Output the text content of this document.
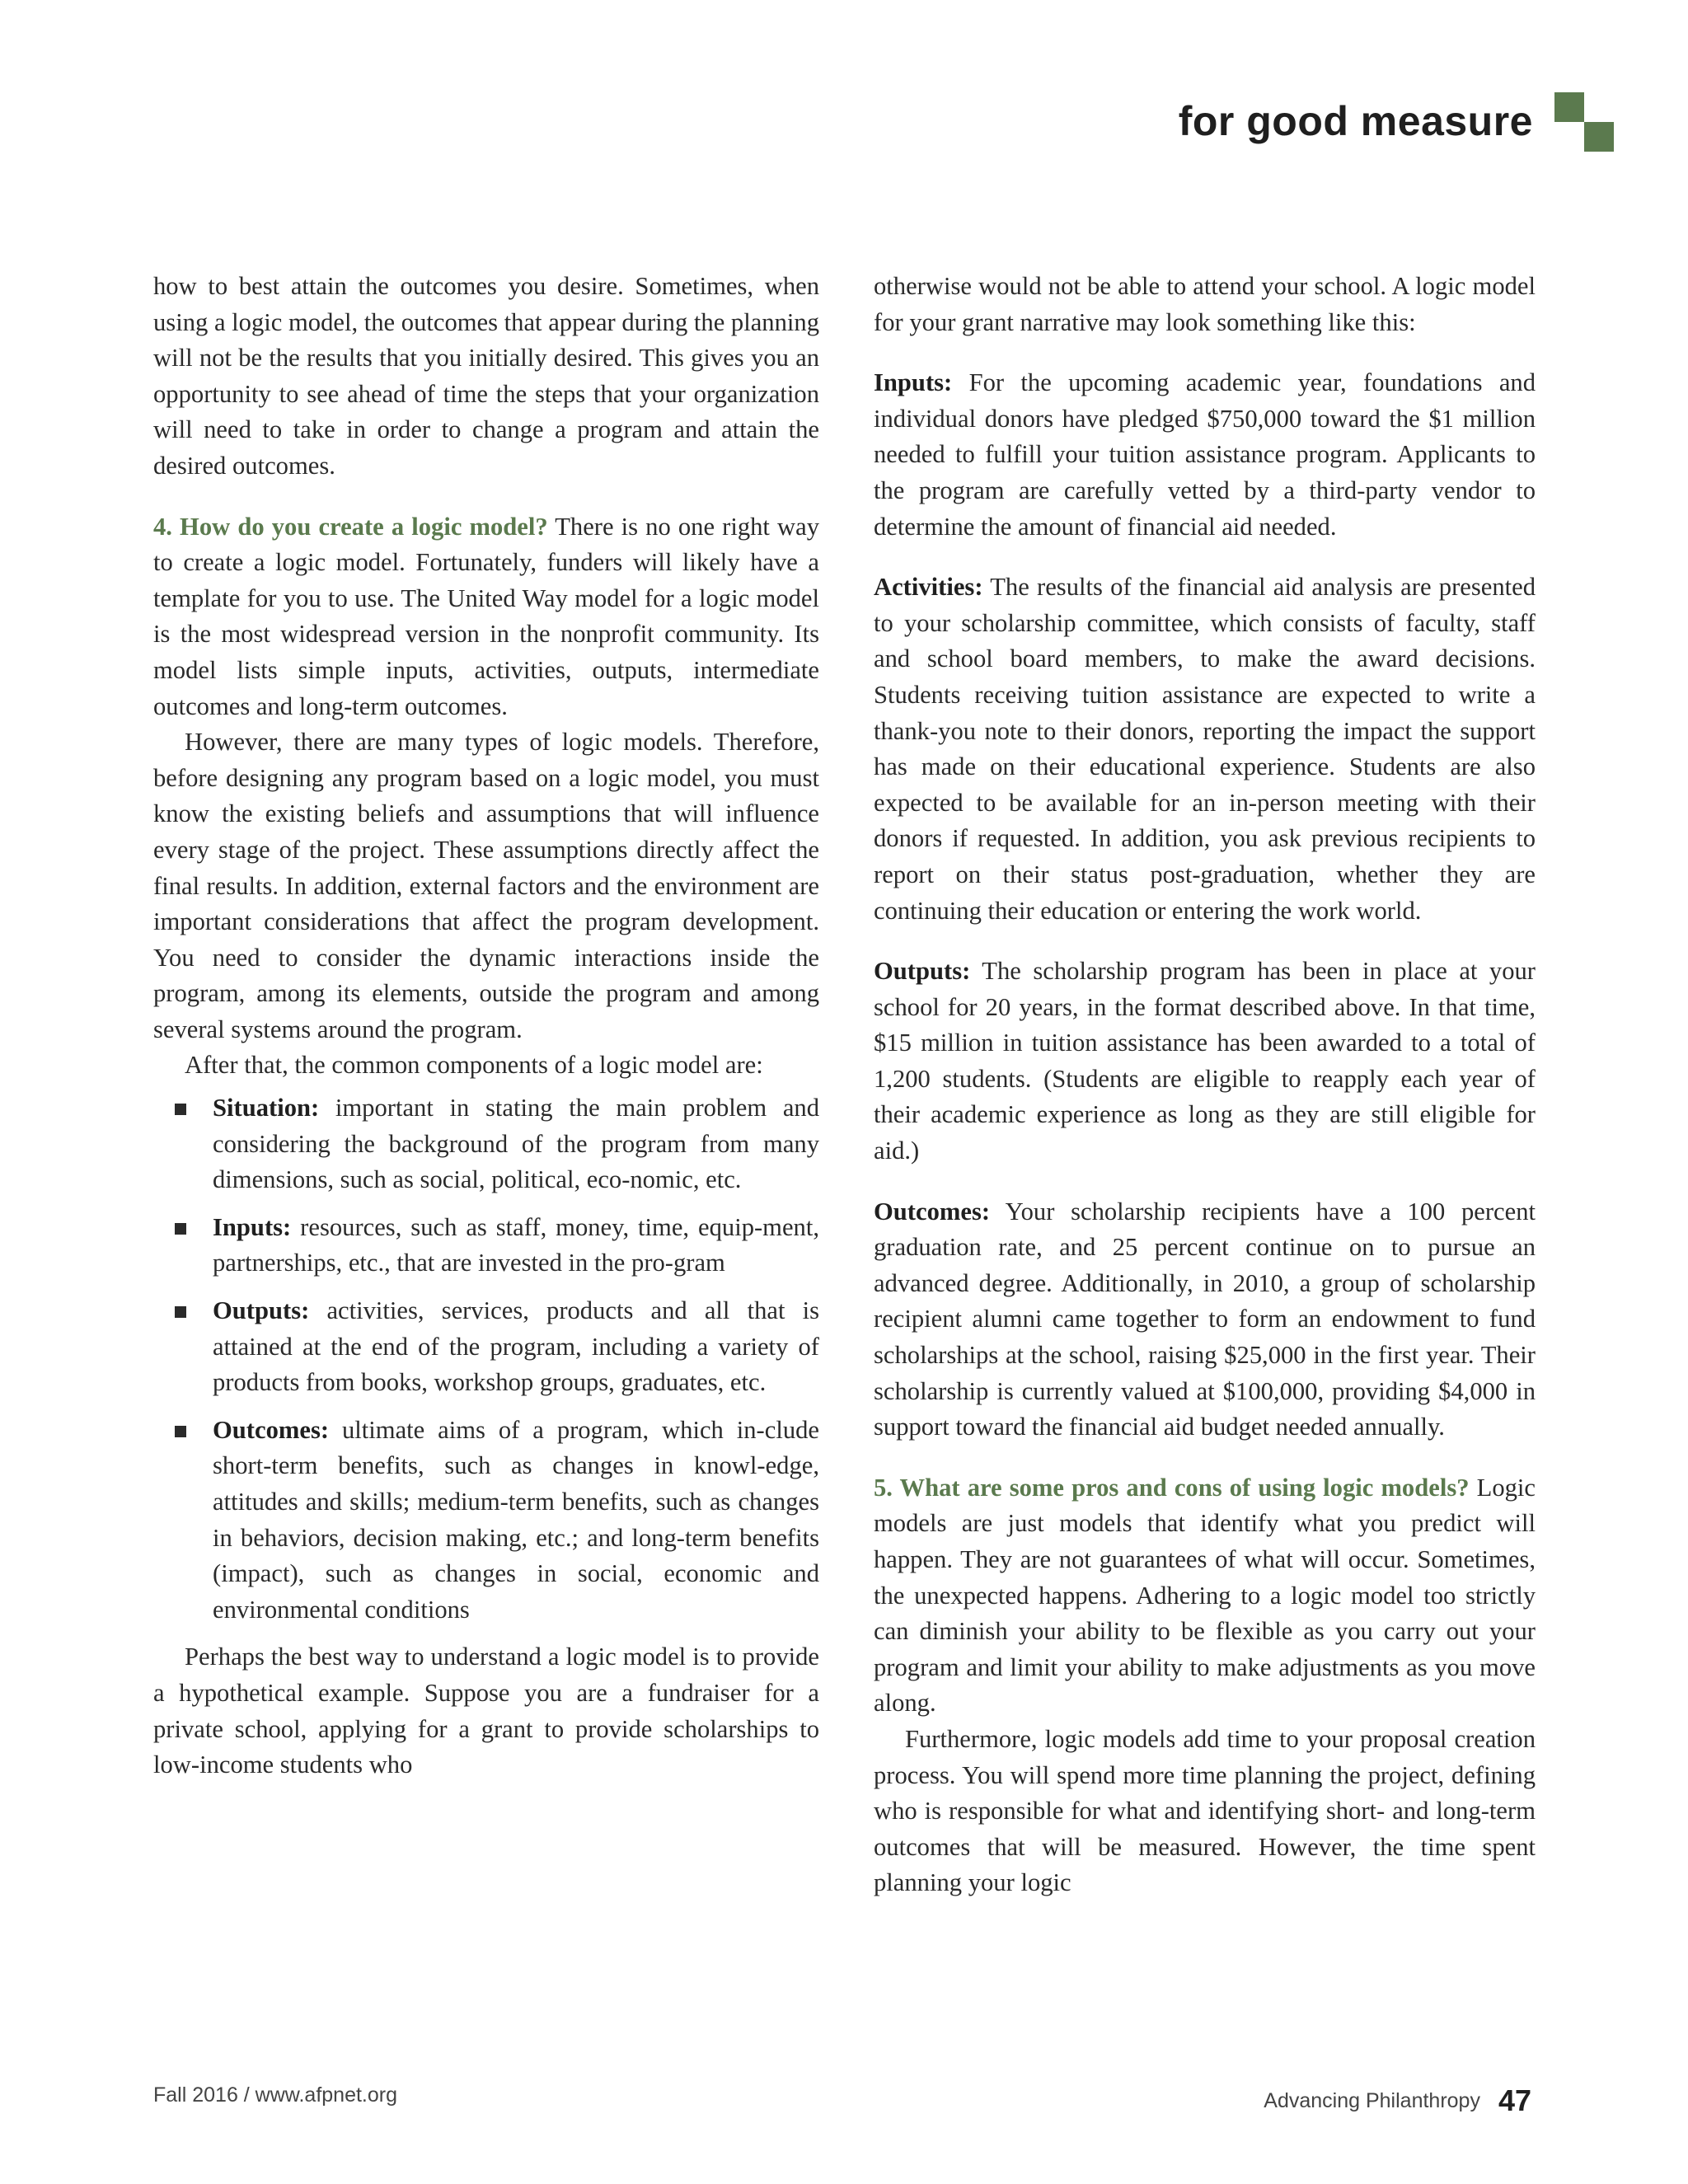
for good measure

how to best attain the outcomes you desire. Sometimes, when using a logic model, the outcomes that appear during the planning will not be the results that you initially desired. This gives you an opportunity to see ahead of time the steps that your organization will need to take in order to change a program and attain the desired outcomes.

4. How do you create a logic model? There is no one right way to create a logic model. Fortunately, funders will likely have a template for you to use. The United Way model for a logic model is the most widespread version in the nonprofit community. Its model lists simple inputs, activities, outputs, intermediate outcomes and long-term outcomes.

However, there are many types of logic models. Therefore, before designing any program based on a logic model, you must know the existing beliefs and assumptions that will influence every stage of the project. These assumptions directly affect the final results. In addition, external factors and the environment are important considerations that affect the program development. You need to consider the dynamic interactions inside the program, among its elements, outside the program and among several systems around the program.

After that, the common components of a logic model are:

Situation: important in stating the main problem and considering the background of the program from many dimensions, such as social, political, eco-nomic, etc.
Inputs: resources, such as staff, money, time, equip-ment, partnerships, etc., that are invested in the pro-gram
Outputs: activities, services, products and all that is attained at the end of the program, including a variety of products from books, workshop groups, graduates, etc.
Outcomes: ultimate aims of a program, which in-clude short-term benefits, such as changes in knowl-edge, attitudes and skills; medium-term benefits, such as changes in behaviors, decision making, etc.; and long-term benefits (impact), such as changes in social, economic and environmental conditions

Perhaps the best way to understand a logic model is to provide a hypothetical example. Suppose you are a fundraiser for a private school, applying for a grant to provide scholarships to low-income students who

otherwise would not be able to attend your school. A logic model for your grant narrative may look something like this:

Inputs: For the upcoming academic year, foundations and individual donors have pledged $750,000 toward the $1 million needed to fulfill your tuition assistance program. Applicants to the program are carefully vetted by a third-party vendor to determine the amount of financial aid needed.

Activities: The results of the financial aid analysis are presented to your scholarship committee, which consists of faculty, staff and school board members, to make the award decisions. Students receiving tuition assistance are expected to write a thank-you note to their donors, reporting the impact the support has made on their educational experience. Students are also expected to be available for an in-person meeting with their donors if requested. In addition, you ask previous recipients to report on their status post-graduation, whether they are continuing their education or entering the work world.

Outputs: The scholarship program has been in place at your school for 20 years, in the format described above. In that time, $15 million in tuition assistance has been awarded to a total of 1,200 students. (Students are eligible to reapply each year of their academic experience as long as they are still eligible for aid.)

Outcomes: Your scholarship recipients have a 100 percent graduation rate, and 25 percent continue on to pursue an advanced degree. Additionally, in 2010, a group of scholarship recipient alumni came together to form an endowment to fund scholarships at the school, raising $25,000 in the first year. Their scholarship is currently valued at $100,000, providing $4,000 in support toward the financial aid budget needed annually.

5. What are some pros and cons of using logic models? Logic models are just models that identify what you predict will happen. They are not guarantees of what will occur. Sometimes, the unexpected happens. Adhering to a logic model too strictly can diminish your ability to be flexible as you carry out your program and limit your ability to make adjustments as you move along.

Furthermore, logic models add time to your proposal creation process. You will spend more time planning the project, defining who is responsible for what and identifying short- and long-term outcomes that will be measured. However, the time spent planning your logic

Fall 2016 / www.afpnet.org	Advancing Philanthropy 47
